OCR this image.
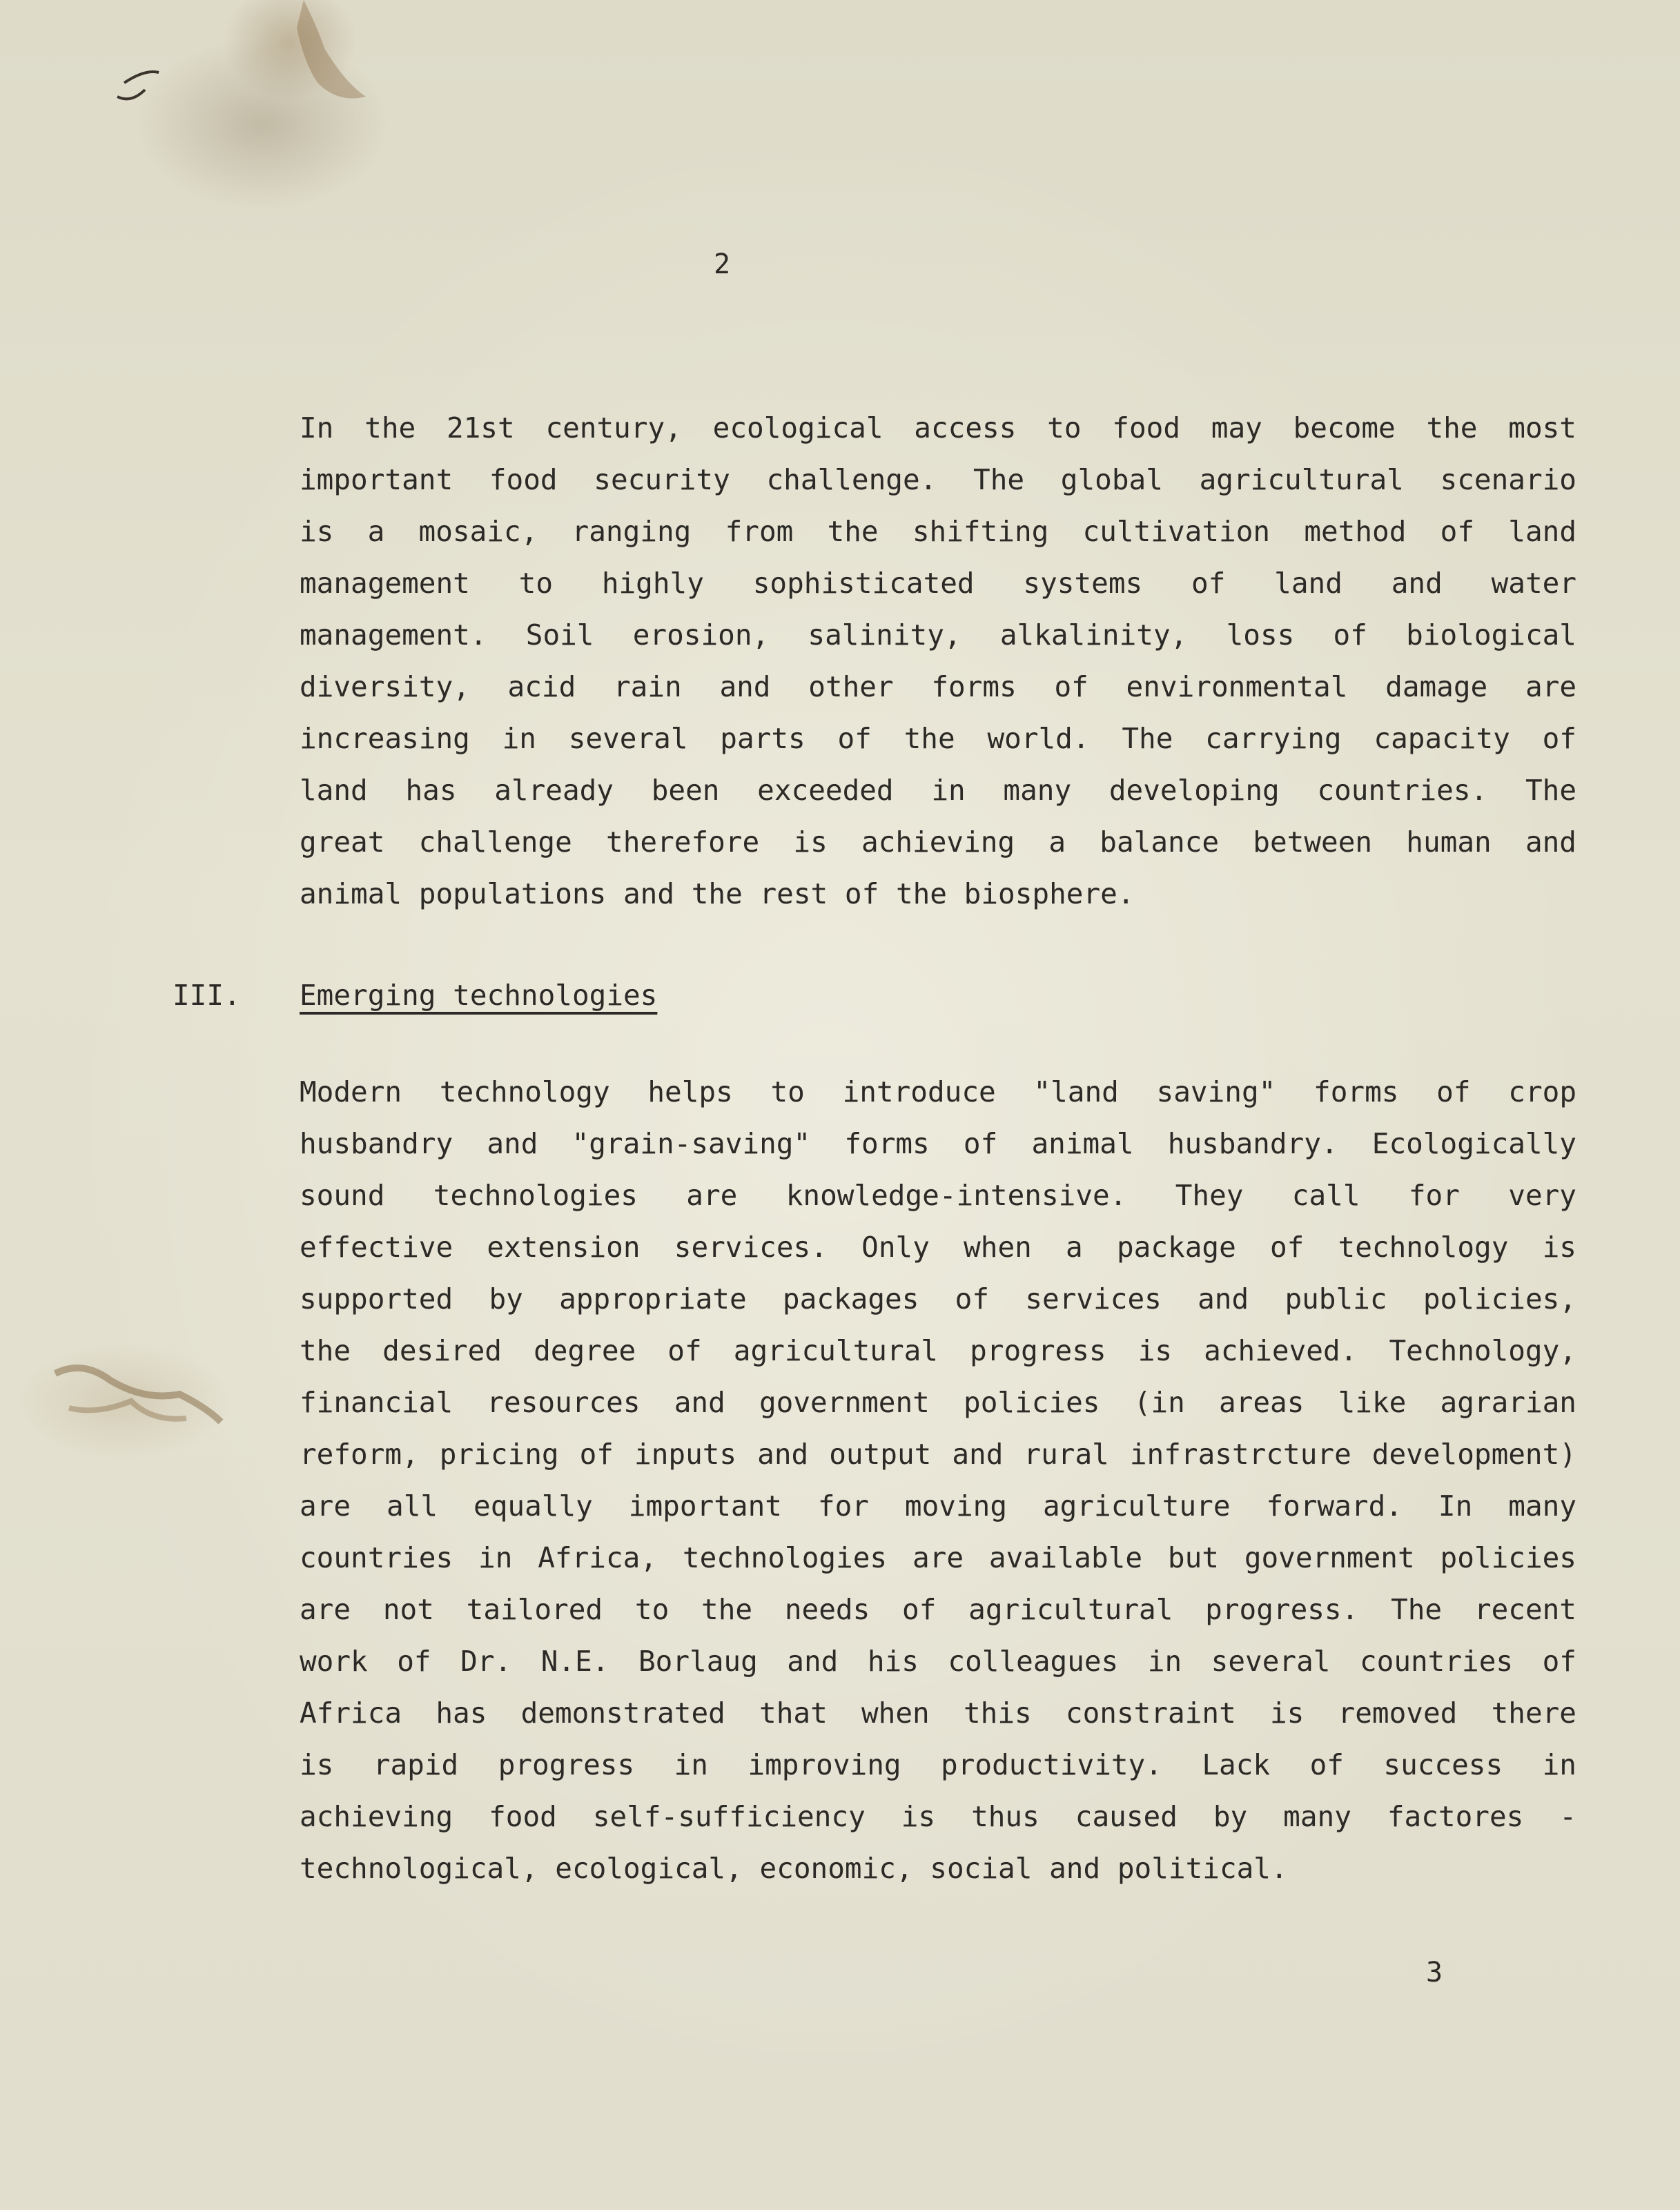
2
In the 21st century, ecological access to food may become the most
important food security challenge. The global agricultural scenario
is a mosaic, ranging from the shifting cultivation method of land
management to highly sophisticated systems of land and water
management. Soil erosion, salinity, alkalinity, loss of biological
diversity, acid rain and other forms of environmental damage are
increasing in several parts of the world. The carrying capacity of
land has already been exceeded in many developing countries. The
great challenge therefore is achieving a balance between human and
animal populations and the rest of the biosphere.
III. Emerging technologies
Modern technology helps to introduce "land saving" forms of crop
husbandry and "grain-saving" forms of animal husbandry. Ecologically
sound technologies are knowledge-intensive. They call for very
effective extension services. Only when a package of technology is
supported by appropriate packages of services and public policies,
the desired degree of agricultural progress is achieved. Technology,
financial resources and government policies (in areas like agrarian
reform, pricing of inputs and output and rural infrastrcture development)
are all equally important for moving agriculture forward. In many
countries in Africa, technologies are available but government policies
are not tailored to the needs of agricultural progress. The recent
work of Dr. N.E. Borlaug and his colleagues in several countries of
Africa has demonstrated that when this constraint is removed there
is rapid progress in improving productivity. Lack of success in
achieving food self-sufficiency is thus caused by many factores -
technological, ecological, economic, social and political.
3
